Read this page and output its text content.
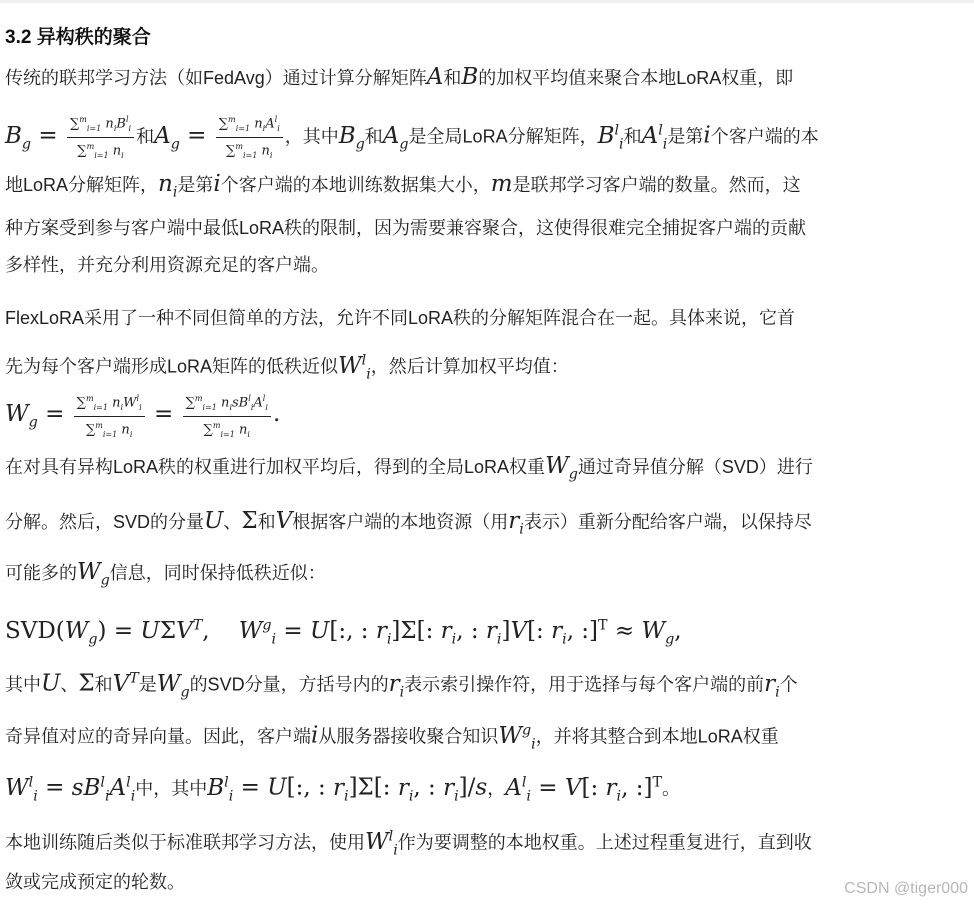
3.2 异构秩的聚合
传统的联邦学习方法（如FedAvg）通过计算分解矩阵A和B的加权平均值来聚合本地LoRA权重，即
$B_g = \frac{\sum^m_{i=1} n_iB^l_i}{\sum^m_{i=1} n_i}$ 和$A_g = \frac{\sum^m_{i=1} n_iA^l_i}{\sum^m_{i=1} n_i}$ ，其中$B_g$和$A_g$是全局LoRA分解矩阵，$B^l_i$和$A^l_i$是第i个客户端的本
地LoRA分解矩阵，$n_i$是第i个客户端的本地训练数据集大小，m是联邦学习客户端的数量。然而，这
种方案受到参与客户端中最低LoRA秩的限制，因为需要兼容聚合，这使得很难完全捕捉客户端的贡献
多样性，并充分利用资源充足的客户端。
FlexLoRA采用了一种不同但简单的方法，允许不同LoRA秩的分解矩阵混合在一起。具体来说，它首
先为每个客户端形成LoRA矩阵的低秩近似$W^l_i$，然后计算加权平均值：
$W_g = \frac{\sum^m_{i=1} n_iW^l_i}{\sum^m_{i=1} n_i} = \frac{\sum^m_{i=1} n_isB^l_iA^l_i}{\sum^m_{i=1} n_i}$ .
在对具有异构LoRA秩的权重进行加权平均后，得到的全局LoRA权重$W_g$通过奇异值分解（SVD）进行
分解。然后，SVD的分量U、Σ和V根据客户端的本地资源（用$r_i$表示）重新分配给客户端，以保持尽
可能多的$W_g$信息，同时保持低秩近似：
$SVD(W_g) = U\Sigma V^T$,    $W^g_i = U$[:, : $r_i]\Sigma$[: $r_i$, : $r_i]V$[: $r_i$, :]$^T$ ≈ $W_g$,
其中U、Σ和$V^T$是$W_g$的SVD分量，方括号内的$r_i$表示索引操作符，用于选择与每个客户端的前$r_i$个
奇异值对应的奇异向量。因此，客户端i从服务器接收聚合知识$W^g_i$，并将其整合到本地LoRA权重
$W^l_i = sB^l_iA^l_i$中，其中$B^l_i = U$[:, : $r_i]\Sigma$[: $r_i$, : $r_i]/s$，$A^l_i = V$[: $r_i$, :]$^T$。
本地训练随后类似于标准联邦学习方法，使用$W^l_i$作为要调整的本地权重。上述过程重复进行，直到收
敛或完成预定的轮数。	CSDN @tiger000
